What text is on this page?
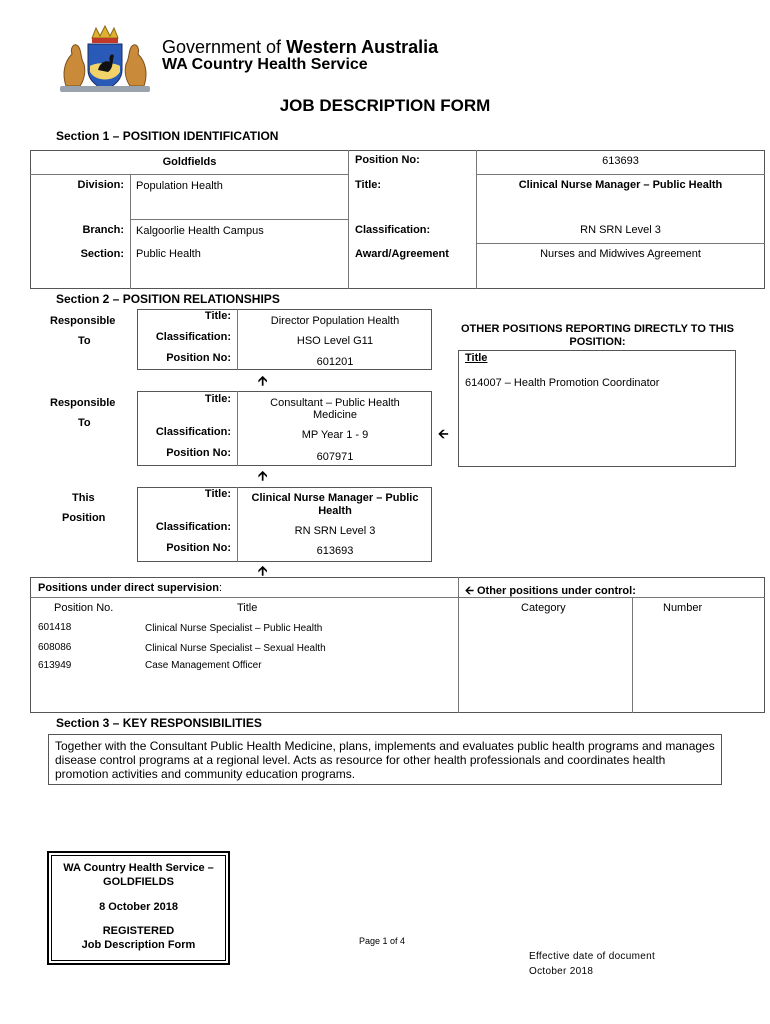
Government of Western Australia
WA Country Health Service
JOB DESCRIPTION FORM
Section 1 – POSITION IDENTIFICATION
Goldfields	Position No:	613693
Division: Population Health	Title:	Clinical Nurse Manager – Public Health
Branch: Kalgoorlie Health Campus	Classification:	RN SRN Level 3
Section: Public Health	Award/Agreement	Nurses and Midwives Agreement
Section 2 – POSITION RELATIONSHIPS
Responsible
To
Title:	Director Population Health
Classification:	HSO Level G11
Position No:	601201
🡩
Responsible
To
Title:	Consultant – Public Health Medicine
Classification:	MP Year 1 - 9
Position No:	607971
🡨
🡩
This
Position
Title:	Clinical Nurse Manager – Public Health
Classification:	RN SRN Level 3
Position No:	613693
🡩
OTHER POSITIONS REPORTING DIRECTLY TO THIS POSITION:
Title
614007 – Health Promotion Coordinator
Positions under direct supervision:	🡨 Other positions under control:
Position No.	Title	Category	Number
601418	Clinical Nurse Specialist – Public Health
608086	Clinical Nurse Specialist – Sexual Health
613949	Case Management Officer
Section 3 – KEY RESPONSIBILITIES
Together with the Consultant Public Health Medicine, plans, implements and evaluates public health programs and manages disease control programs at a regional level. Acts as resource for other health professionals and coordinates health promotion activities and community education programs.
WA Country Health Service –
GOLDFIELDS
8 October 2018
REGISTERED
Job Description Form	Page 1 of 4
Effective date of document
October 2018
